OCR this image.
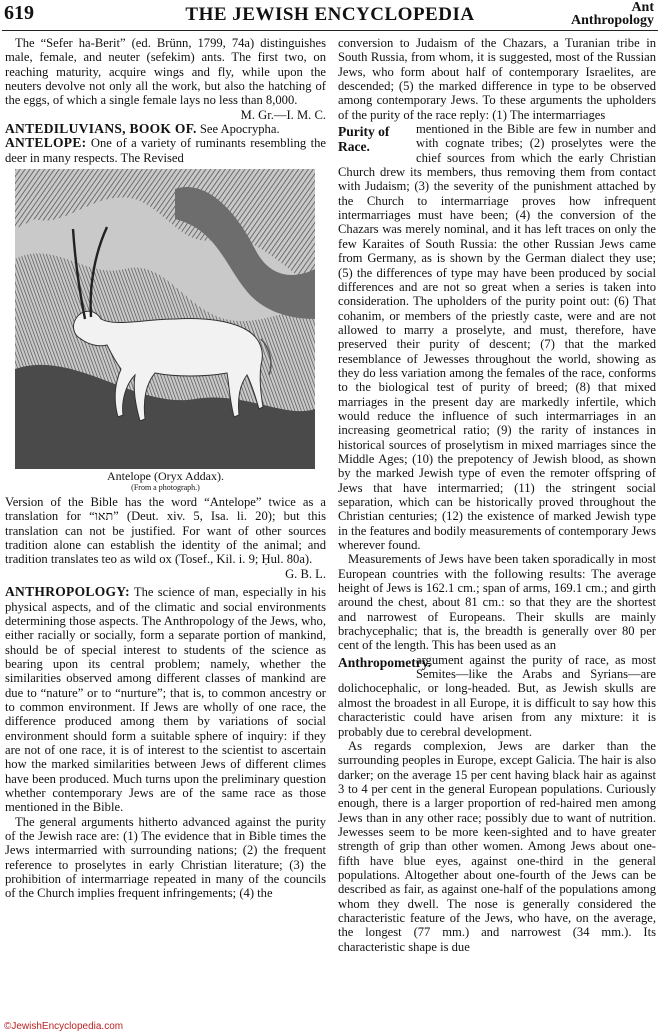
619	THE JEWISH ENCYCLOPEDIA	Ant
Anthropology

The “Sefer ha-Berit” (ed. Brünn, 1799, 74a) distinguishes male, female, and neuter (sefekim) ants. The first two, on reaching maturity, acquire wings and fly, while upon the neuters devolve not only all the work, but also the hatching of the eggs, of which a single female lays no less than 8,000.

M. Gr.—I. M. C.

ANTEDILUVIANS, BOOK OF. See Apocrypha.

ANTELOPE: One of a variety of ruminants resembling the deer in many respects. The Revised

Antelope (Oryx Addax).
(From a photograph.)

Version of the Bible has the word “Antelope” twice as a translation for “תאו” (Deut. xiv. 5, Isa. li. 20); but this translation can not be justified. For want of other sources tradition alone can establish the identity of the animal; and tradition translates teo as wild ox (Tosef., Kil. i. 9; Ḥul. 80a).

G. B. L.

ANTHROPOLOGY: The science of man, especially in his physical aspects, and of the climatic and social environments determining those aspects. The Anthropology of the Jews, who, either racially or socially, form a separate portion of mankind, should be of special interest to students of the science as bearing upon its central problem; namely, whether the similarities observed among different classes of mankind are due to “nature” or to “nurture”; that is, to common ancestry or to common environment. If Jews are wholly of one race, the difference produced among them by variations of social environment should form a suitable sphere of inquiry: if they are not of one race, it is of interest to the scientist to ascertain how the marked similarities between Jews of different climes have been produced. Much turns upon the preliminary question whether contemporary Jews are of the same race as those mentioned in the Bible.

The general arguments hitherto advanced against the purity of the Jewish race are: (1) The evidence that in Bible times the Jews intermarried with surrounding nations; (2) the frequent reference to proselytes in early Christian literature; (3) the prohibition of intermarriage repeated in many of the councils of the Church implies frequent infringements; (4) the

conversion to Judaism of the Chazars, a Turanian tribe in South Russia, from whom, it is suggested, most of the Russian Jews, who form about half of contemporary Israelites, are descended; (5) the marked difference in type to be observed among contemporary Jews. To these arguments the upholders of the purity of the race reply: (1) The intermarriages

Purity of Race.

mentioned in the Bible are few in number and with cognate tribes; (2) proselytes were the chief sources from which the early Christian Church drew its members, thus removing them from contact with Judaism; (3) the severity of the punishment attached by the Church to intermarriage proves how infrequent intermarriages must have been; (4) the conversion of the Chazars was merely nominal, and it has left traces on only the few Karaites of South Russia: the other Russian Jews came from Germany, as is shown by the German dialect they use; (5) the differences of type may have been produced by social differences and are not so great when a series is taken into consideration. The upholders of the purity point out: (6) That cohanim, or members of the priestly caste, were and are not allowed to marry a proselyte, and must, therefore, have preserved their purity of descent; (7) that the marked resemblance of Jewesses throughout the world, showing as they do less variation among the females of the race, conforms to the biological test of purity of breed; (8) that mixed marriages in the present day are markedly infertile, which would reduce the influence of such intermarriages in an increasing geometrical ratio; (9) the rarity of instances in historical sources of proselytism in mixed marriages since the Middle Ages; (10) the prepotency of Jewish blood, as shown by the marked Jewish type of even the remoter offspring of Jews that have intermarried; (11) the stringent social separation, which can be historically proved throughout the Christian centuries; (12) the existence of marked Jewish type in the features and bodily measurements of contemporary Jews wherever found.

Measurements of Jews have been taken sporadically in most European countries with the following results: The average height of Jews is 162.1 cm.; span of arms, 169.1 cm.; and girth around the chest, about 81 cm.: so that they are the shortest and narrowest of Europeans. Their skulls are mainly brachycephalic; that is, the breadth is generally over 80 per cent of the length. This has been used as an

Anthropometry.

argument against the purity of race, as most Semites—like the Arabs and Syrians—are dolichocephalic, or long-headed. But, as Jewish skulls are almost the broadest in all Europe, it is difficult to say how this characteristic could have arisen from any mixture: it is probably due to cerebral development.

As regards complexion, Jews are darker than the surrounding peoples in Europe, except Galicia. The hair is also darker; on the average 15 per cent having black hair as against 3 to 4 per cent in the general European populations. Curiously enough, there is a larger proportion of red-haired men among Jews than in any other race; possibly due to want of nutrition. Jewesses seem to be more keen-sighted and to have greater strength of grip than other women. Among Jews about one-fifth have blue eyes, against one-third in the general populations. Altogether about one-fourth of the Jews can be described as fair, as against one-half of the populations among whom they dwell. The nose is generally considered the characteristic feature of the Jews, who have, on the average, the longest (77 mm.) and narrowest (34 mm.). Its characteristic shape is due

©JewishEncyclopedia.com
